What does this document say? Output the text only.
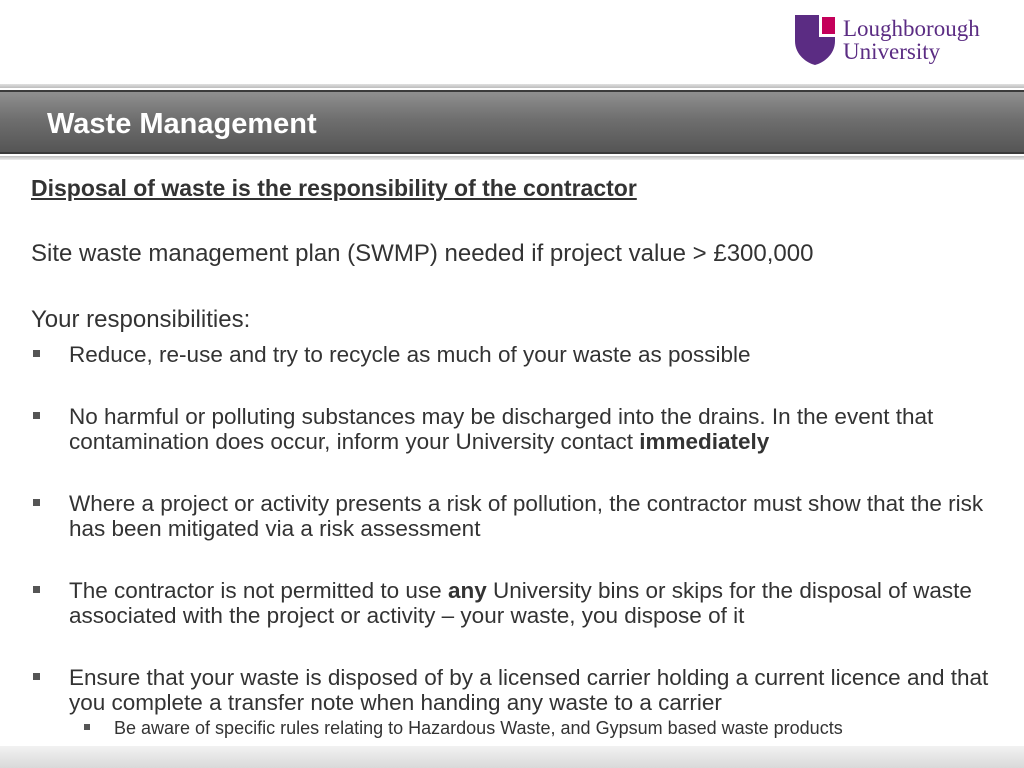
Loughborough
University
Waste Management
Disposal of waste is the responsibility of the contractor
Site waste management plan (SWMP) needed if project value > £300,000
Your responsibilities:
Reduce, re-use and try to recycle as much of your waste as possible
No harmful or polluting substances may be discharged into the drains. In the event that contamination does occur, inform your University contact immediately
Where a project or activity presents a risk of pollution, the contractor must show that the risk has been mitigated via a risk assessment
The contractor is not permitted to use any University bins or skips for the disposal of waste associated with the project or activity – your waste, you dispose of it
Ensure that your waste is disposed of by a licensed carrier holding a current licence and that you complete a transfer note when handing any waste to a carrier
Be aware of specific rules relating to Hazardous Waste, and Gypsum based waste products
